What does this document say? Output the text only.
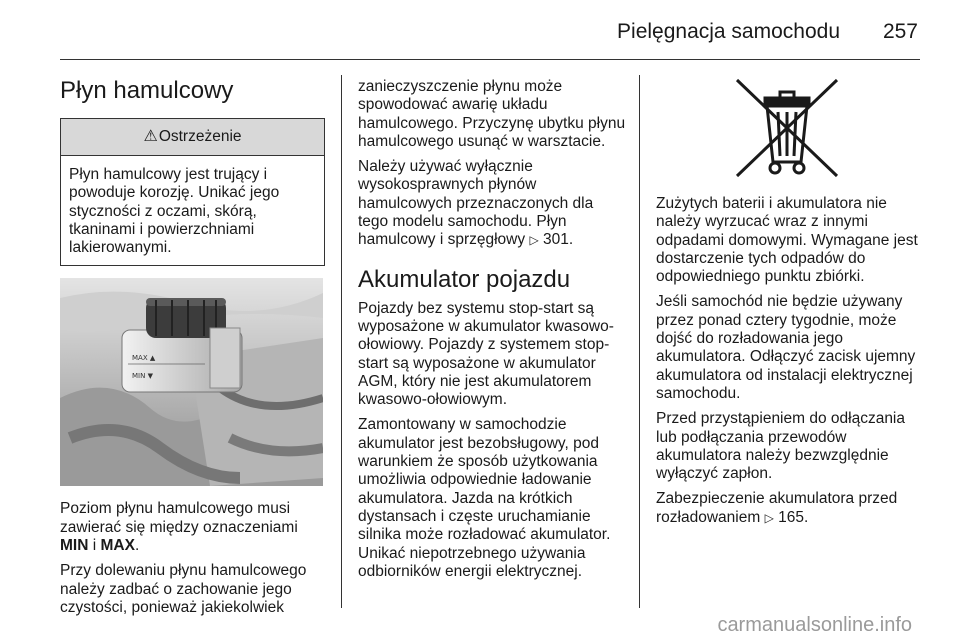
Pielęgnacja samochodu 257
Płyn hamulcowy
⚠ Ostrzeżenie
Płyn hamulcowy jest trujący i powoduje korozję. Unikać jego styczności z oczami, skórą, tkaninami i powierzchniami lakierowanymi.
MAX ▲
MIN ▼

Poziom płynu hamulcowego musi zawierać się między oznaczeniami MIN i MAX.

Przy dolewaniu płynu hamulcowego należy zadbać o zachowanie jego czystości, ponieważ jakiekolwiek

zanieczyszczenie płynu może spowodować awarię układu hamulcowego. Przyczynę ubytku płynu hamulcowego usunąć w warsztacie.

Należy używać wyłącznie wysokosprawnych płynów hamulcowych przeznaczonych dla tego modelu samochodu. Płyn hamulcowy i sprzęgłowy ▷ 301.

Akumulator pojazdu

Pojazdy bez systemu stop-start są wyposażone w akumulator kwasowo-ołowiowy. Pojazdy z systemem stop-start są wyposażone w akumulator AGM, który nie jest akumulatorem kwasowo-ołowiowym.

Zamontowany w samochodzie akumulator jest bezobsługowy, pod warunkiem że sposób użytkowania umożliwia odpowiednie ładowanie akumulatora. Jazda na krótkich dystansach i częste uruchamianie silnika może rozładować akumulator. Unikać niepotrzebnego używania odbiorników energii elektrycznej.

Zużytych baterii i akumulatora nie należy wyrzucać wraz z innymi odpadami domowymi. Wymagane jest dostarczenie tych odpadów do odpowiedniego punktu zbiórki.

Jeśli samochód nie będzie używany przez ponad cztery tygodnie, może dojść do rozładowania jego akumulatora. Odłączyć zacisk ujemny akumulatora od instalacji elektrycznej samochodu.

Przed przystąpieniem do odłączania lub podłączania przewodów akumulatora należy bezwzględnie wyłączyć zapłon.

Zabezpieczenie akumulatora przed rozładowaniem ▷ 165.

carmanualsonline.info
